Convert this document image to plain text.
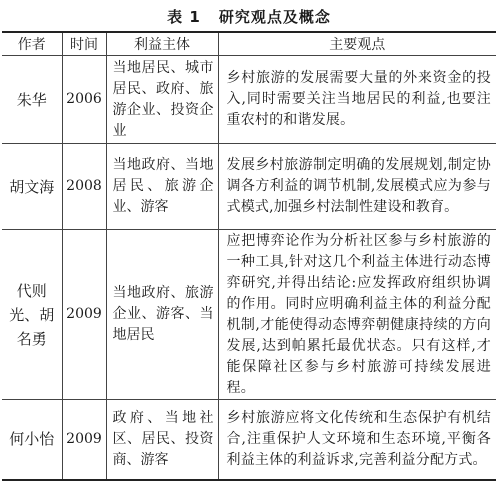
表 1 研究观点及概念
作者	时间	利益主体	主要观点
朱华	2006	当地居民、城市居民、政府、旅游企业、投资企业	乡村旅游的发展需要大量的外来资金的投入,同时需要关注当地居民的利益,也要注重农村的和谐发展。
胡文海	2008	当地政府、当地居民、旅游企业、游客	发展乡村旅游制定明确的发展规划,制定协调各方利益的调节机制,发展模式应为参与式模式,加强乡村法制性建设和教育。
代则光、胡名勇	2009	当地政府、旅游企业、游客、当地居民	应把博弈论作为分析社区参与乡村旅游的一种工具,针对这几个利益主体进行动态博弈研究,并得出结论:应发挥政府组织协调的作用。同时应明确利益主体的利益分配机制,才能使得动态博弈朝健康持续的方向发展,达到帕累托最优状态。只有这样,才能保障社区参与乡村旅游可持续发展进程。
何小怡	2009	政府、当地社区、居民、投资商、游客	乡村旅游应将文化传统和生态保护有机结合,注重保护人文环境和生态环境,平衡各利益主体的利益诉求,完善利益分配方式。
